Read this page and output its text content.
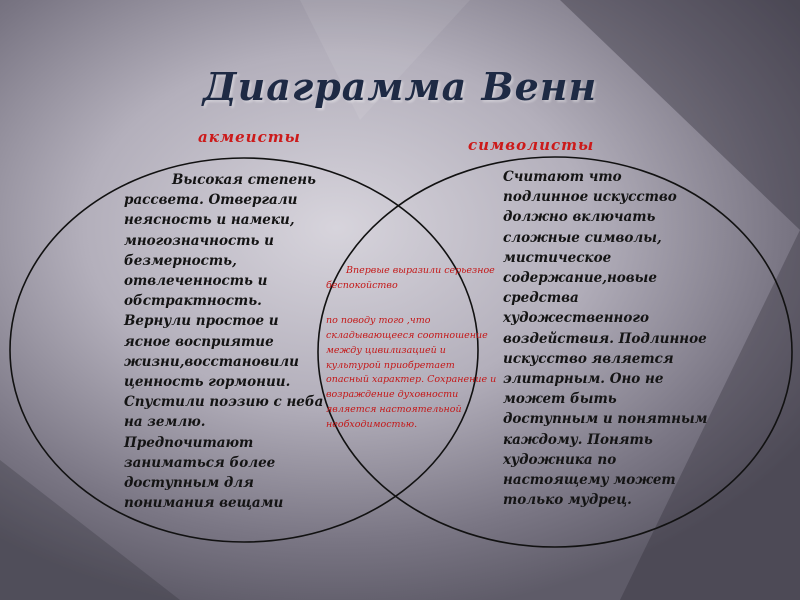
Диаграмма Венн
акмеисты	символисты

Высокая степень рассвета. Отвергали неясность и намеки, многозначность и безмерность, отвлеченность и обстрактность. Вернули простое и ясное восприятие жизни,восстановили ценность гормонии. Спустили поэзию с неба на землю. Предпочитают заниматься более доступным для понимания вещами

Впервые выразили серьезное беспокойство

по поводу того ,что складывающееся соотношение между цивилизацией и культурой приобретает опасный характер. Сохранение и возраждение духовности является настоятельной необходимостью.

Считают что подлинное искусство должно включать сложные символы, мистическое содержание,новые средства художественного воздействия. Подлинное искусство является элитарным. Оно не может быть доступным и понятным каждому. Понять художника по настоящему может только мудрец.
